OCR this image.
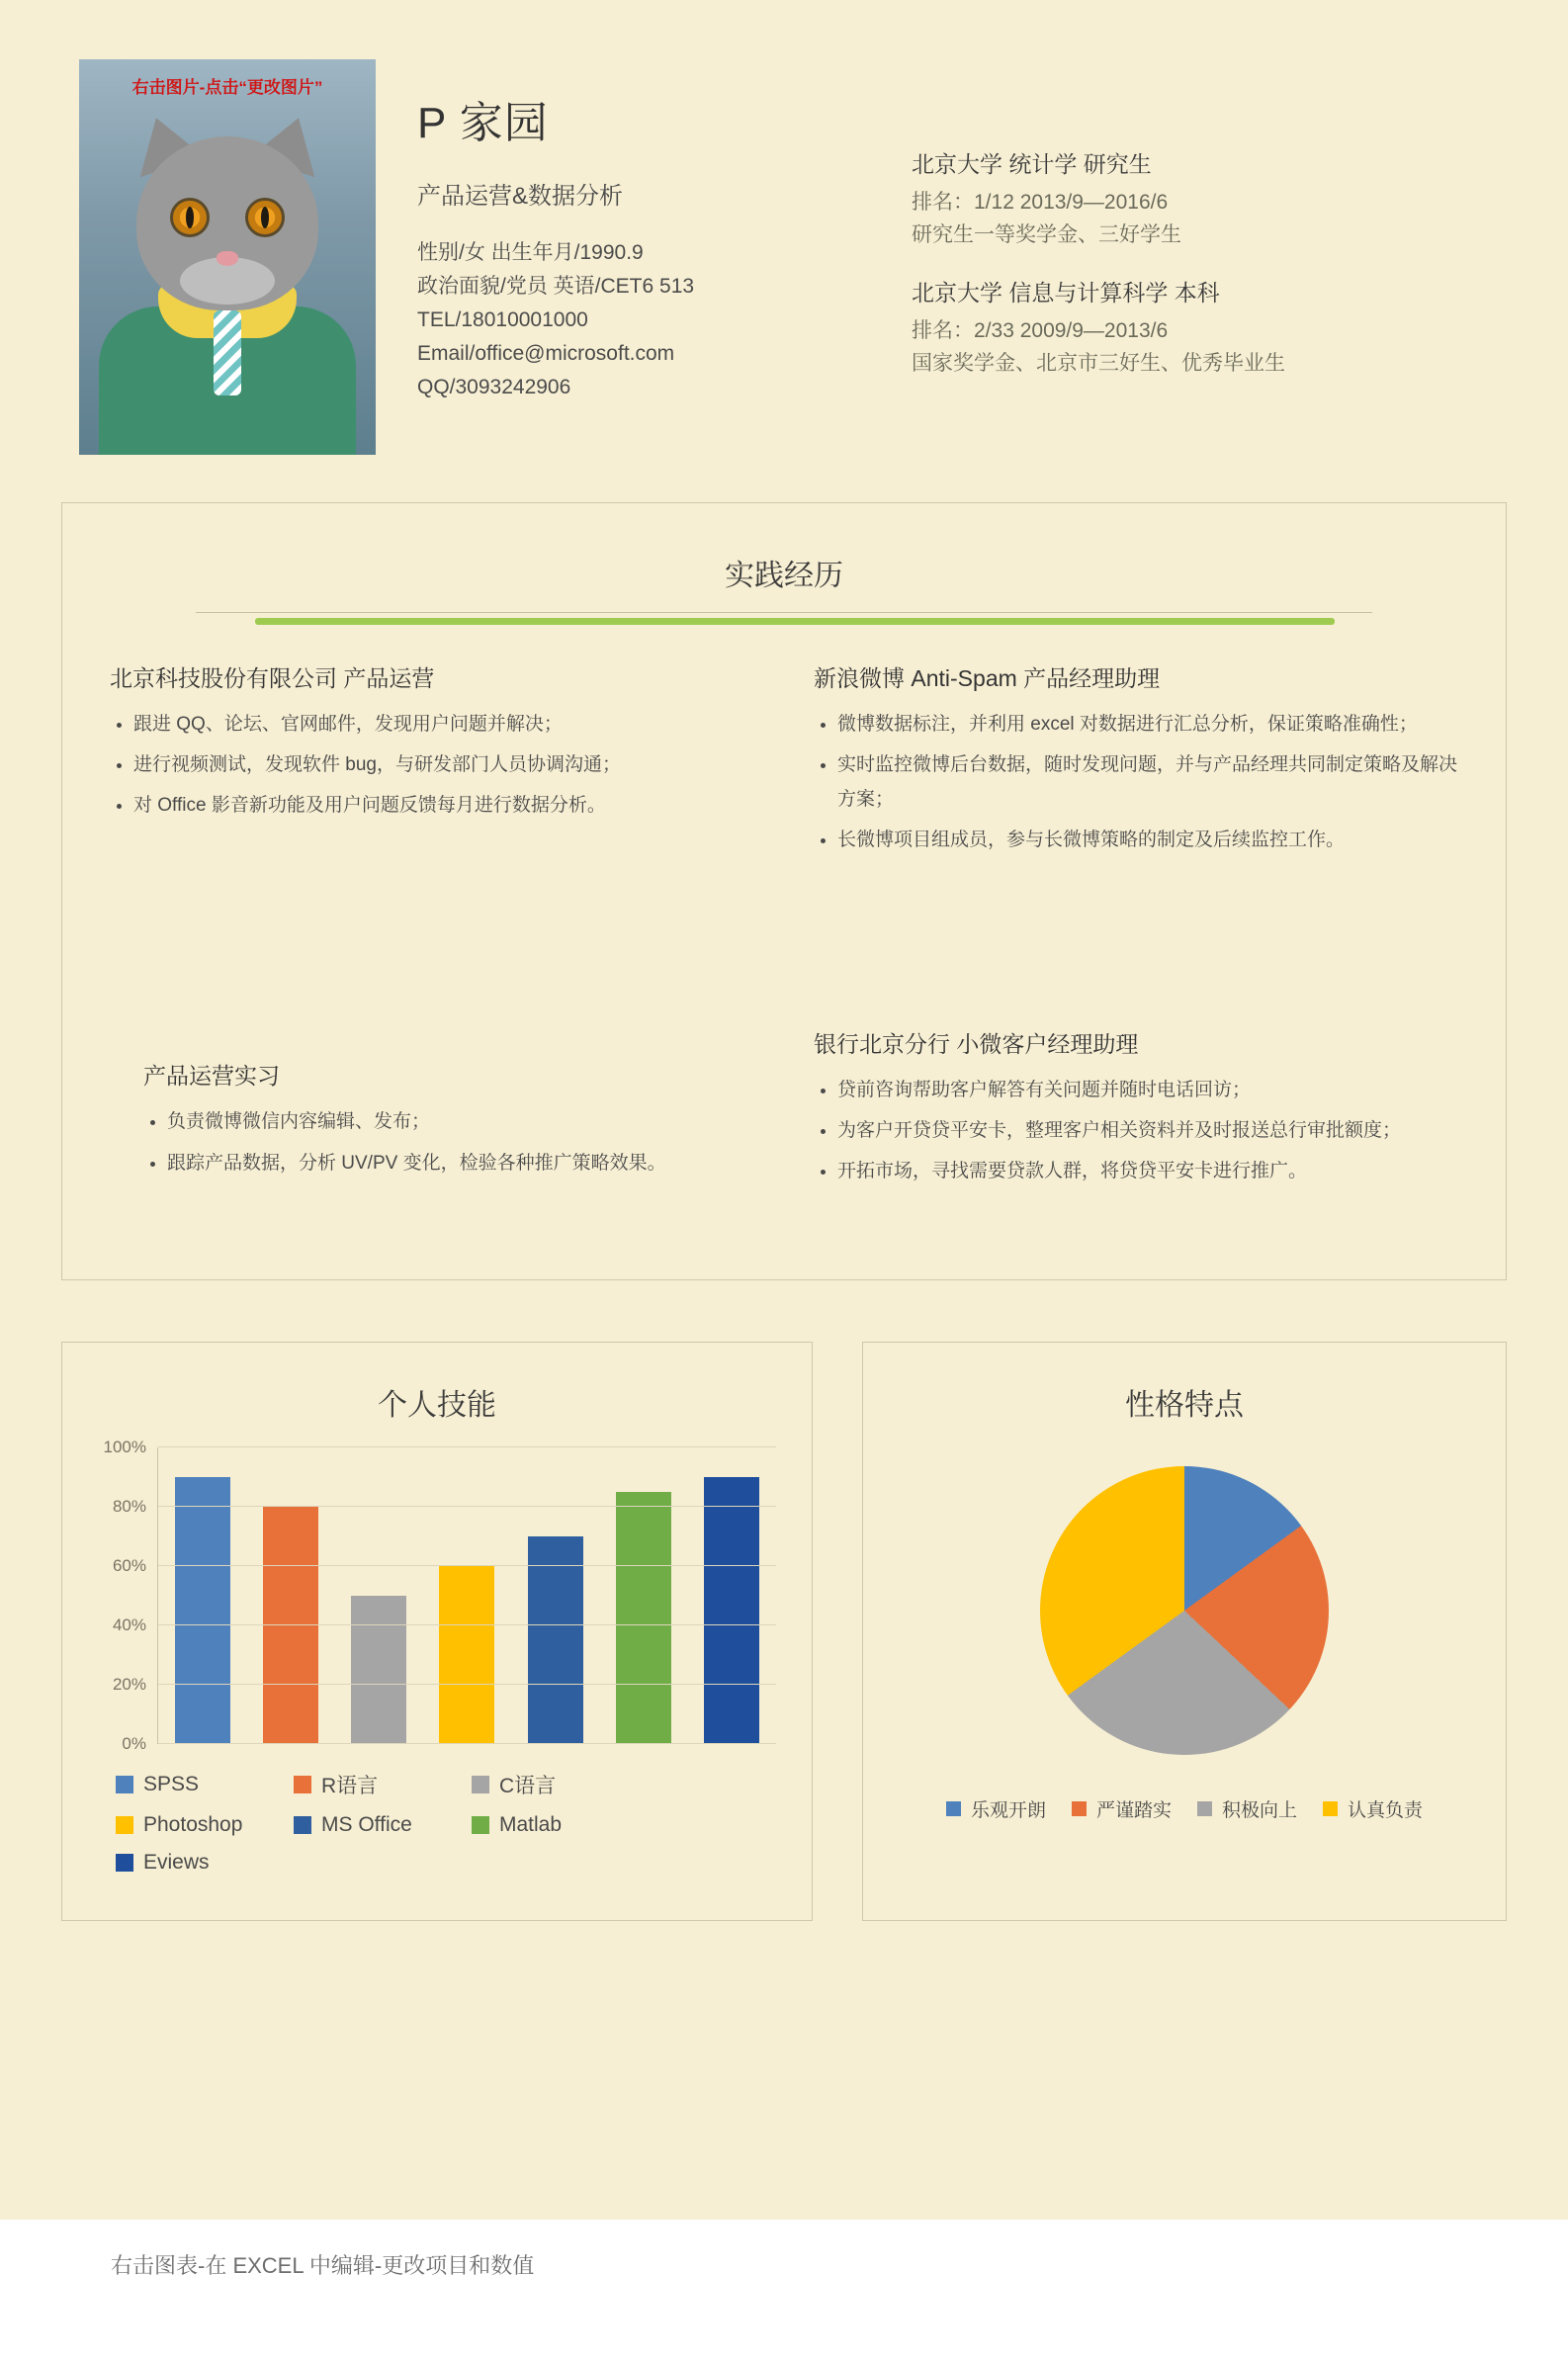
右击图片-点击“更改图片”
P 家园
产品运营&数据分析
性别/女 出生年月/1990.9
政治面貌/党员 英语/CET6 513
TEL/18010001000
Email/office@microsoft.com
QQ/3093242906
北京大学 统计学 研究生
排名：1/12 2013/9—2016/6
研究生一等奖学金、三好学生
北京大学 信息与计算科学 本科
排名：2/33 2009/9—2013/6
国家奖学金、北京市三好生、优秀毕业生
实践经历
北京科技股份有限公司 产品运营
• 跟进 QQ、论坛、官网邮件，发现用户问题并解决；
• 进行视频测试，发现软件 bug，与研发部门人员协调沟通；
• 对 Office 影音新功能及用户问题反馈每月进行数据分析。
产品运营实习
• 负责微博微信内容编辑、发布；
• 跟踪产品数据，分析 UV/PV 变化，检验各种推广策略效果。
新浪微博 Anti-Spam 产品经理助理
• 微博数据标注，并利用 excel 对数据进行汇总分析，保证策略准确性；
• 实时监控微博后台数据，随时发现问题，并与产品经理共同制定策略及解决方案；
• 长微博项目组成员，参与长微博策略的制定及后续监控工作。
银行北京分行 小微客户经理助理
• 贷前咨询帮助客户解答有关问题并随时电话回访；
• 为客户开贷贷平安卡，整理客户相关资料并及时报送总行审批额度；
• 开拓市场，寻找需要贷款人群，将贷贷平安卡进行推广。
个人技能
0%
20%
40%
60%
80%
100%
SPSS	R语言	C语言
Photoshop	MS Office	Matlab
Eviews
性格特点
乐观开朗	严谨踏实	积极向上	认真负责
右击图表-在 EXCEL 中编辑-更改项目和数值
